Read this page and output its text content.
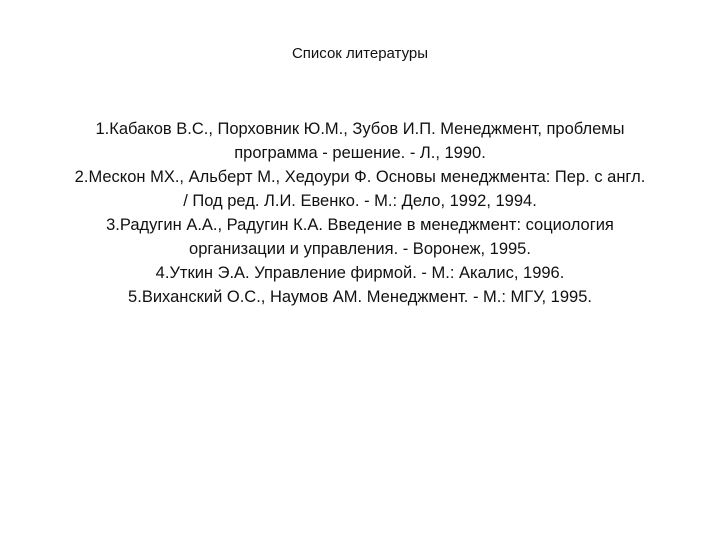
Список литературы
1.Кабаков В.С., Порховник Ю.М., Зубов И.П. Менеджмент, проблемы
программа - решение. - Л., 1990.
2.Мескон МХ., Альберт М., Хедоури Ф. Основы менеджмента: Пер. с англ.
/ Под ред. Л.И. Евенко. - М.: Дело, 1992, 1994.
3.Радугин А.А., Радугин К.А. Введение в менеджмент: социология
организации и управления. - Воронеж, 1995.
4.Уткин Э.А. Управление фирмой. - М.: Акалис, 1996.
5.Виханский О.С., Наумов АМ. Менеджмент. - М.: МГУ, 1995.
